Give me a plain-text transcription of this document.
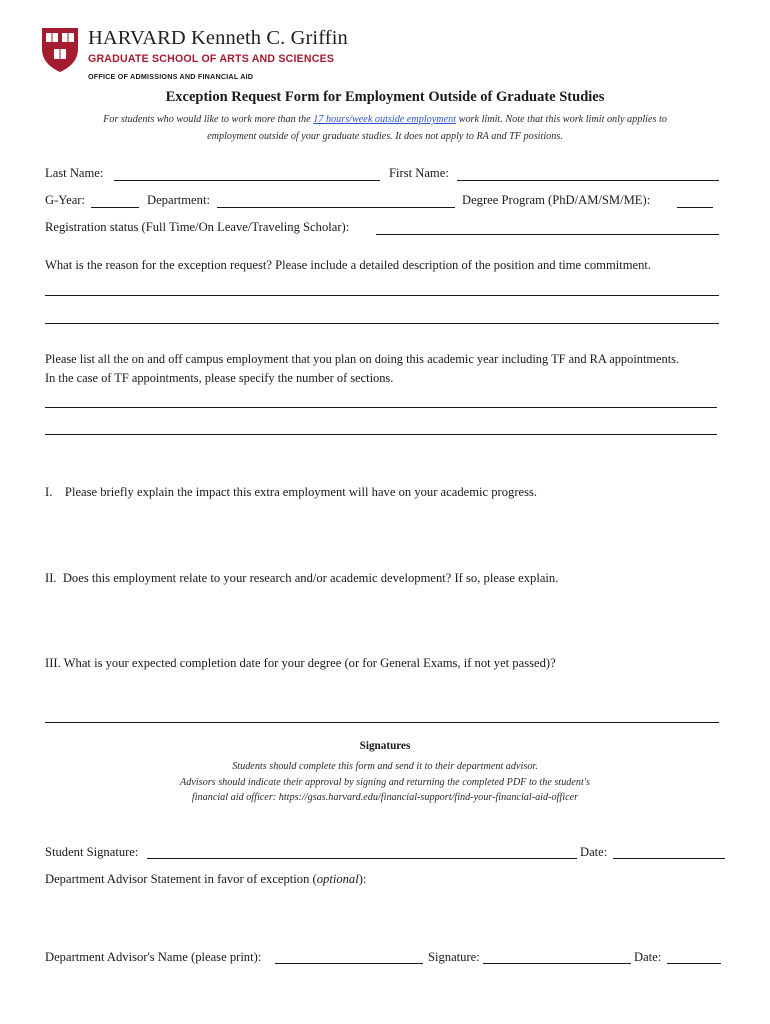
HARVARD Kenneth C. Griffin
GRADUATE SCHOOL OF ARTS AND SCIENCES
OFFICE OF ADMISSIONS AND FINANCIAL AID
Exception Request Form for Employment Outside of Graduate Studies
For students who would like to work more than the 17 hours/week outside employment work limit. Note that this work limit only applies to employment outside of your graduate studies. It does not apply to RA and TF positions.
Last Name:	First Name:
G-Year:	Department:	Degree Program (PhD/AM/SM/ME):
Registration status (Full Time/On Leave/Traveling Scholar):
What is the reason for the exception request? Please include a detailed description of the position and time commitment.
Please list all the on and off campus employment that you plan on doing this academic year including TF and RA appointments. In the case of TF appointments, please specify the number of sections.
I.    Please briefly explain the impact this extra employment will have on your academic progress.
II.  Does this employment relate to your research and/or academic development? If so, please explain.
III. What is your expected completion date for your degree (or for General Exams, if not yet passed)?
Signatures
Students should complete this form and send it to their department advisor.
Advisors should indicate their approval by signing and returning the completed PDF to the student's
financial aid officer: https://gsas.harvard.edu/financial-support/find-your-financial-aid-officer
Student Signature:	Date:
Department Advisor Statement in favor of exception (optional):
Department Advisor's Name (please print):	Signature:	Date:
